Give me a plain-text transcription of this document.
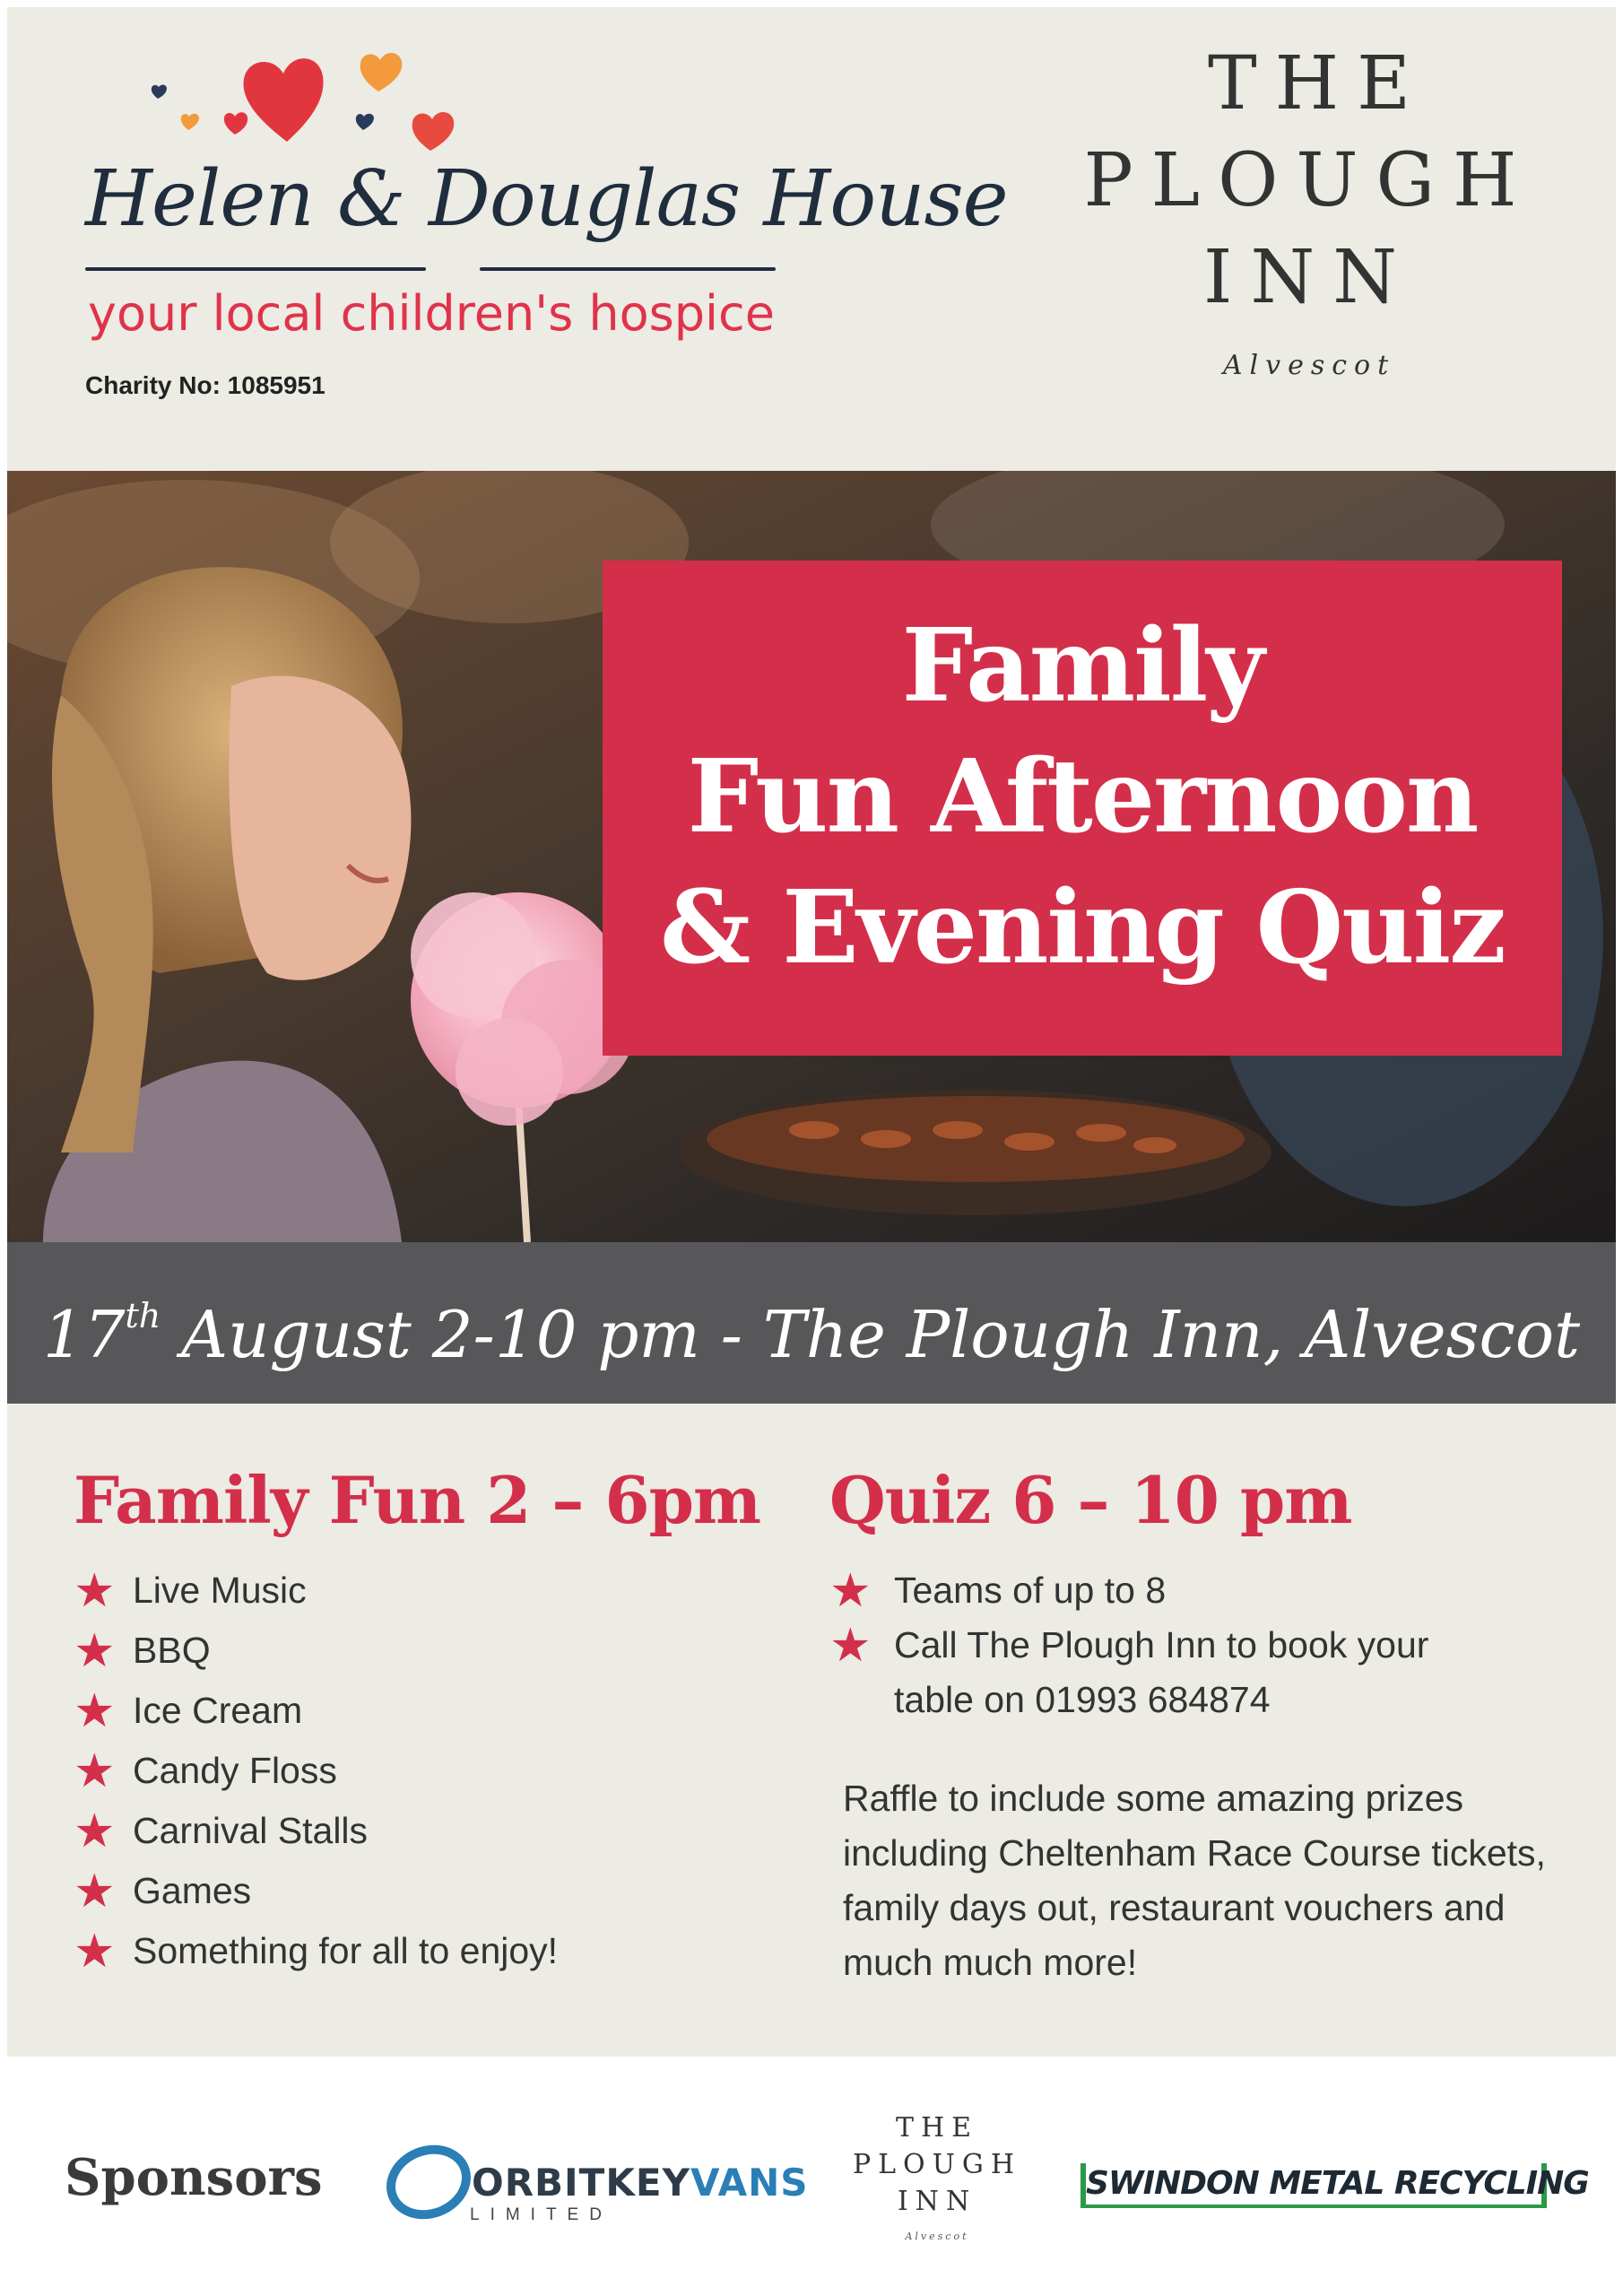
Helen & Douglas House
your local children's hospice
Charity No: 1085951
THE
PLOUGH
INN
Alvescot
Family
Fun Afternoon
& Evening Quiz
17th August 2-10 pm - The Plough Inn, Alvescot
Family Fun 2 – 6pm
★ Live Music
★ BBQ
★ Ice Cream
★ Candy Floss
★ Carnival Stalls
★ Games
★ Something for all to enjoy!
Quiz 6 – 10 pm
★ Teams of up to 8
★ Call The Plough Inn to book your
table on 01993 684874
Raffle to include some amazing prizes including Cheltenham Race Course tickets, family days out, restaurant vouchers and much much more!
Sponsors	ORBITKEYVANS
LIMITED
THE
PLOUGH
INN
Alvescot
SWINDON METAL RECYCLING
